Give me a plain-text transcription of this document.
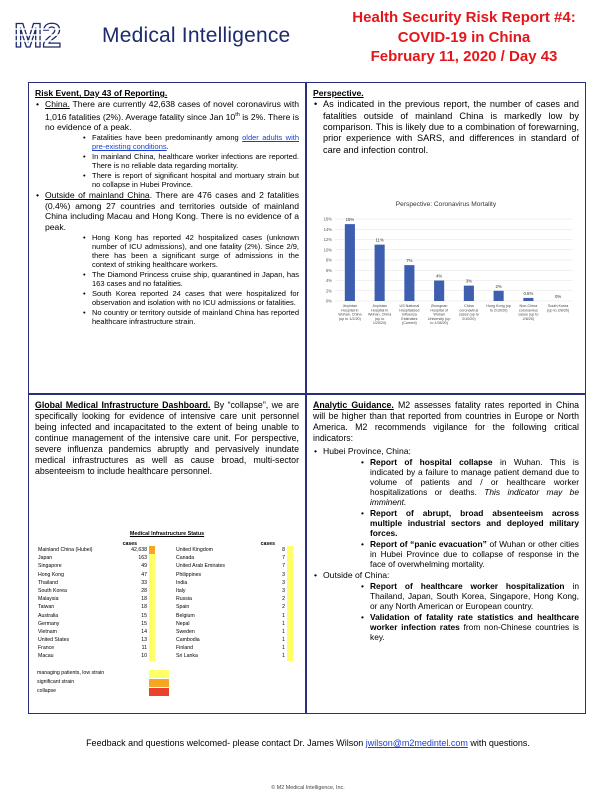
M2 Medical Intelligence
Health Security Risk Report #4:
COVID-19 in China
February 11, 2020 / Day 43
Risk Event, Day 43 of Reporting.
• China. There are currently 42,638 cases of novel coronavirus with 1,016 fatalities (2%). Average fatality since Jan 10th is 2%. There is no evidence of a peak.
• Fatalities have been predominantly among older adults with pre-existing conditions.
• In mainland China, healthcare worker infections are reported. There is no reliable data regarding mortality.
• There is report of significant hospital and mortuary strain but no collapse in Hubei Province.
• Outside of mainland China. There are 476 cases and 2 fatalities (0.4%) among 27 countries and territories outside of mainland China including Macau and Hong Kong. There is no evidence of a peak.
• Hong Kong has reported 42 hospitalized cases (unknown number of ICU admissions), and one fatality (2%). Since 2/9, there has been a significant surge of admissions in the context of striking healthcare workers.
• The Diamond Princess cruise ship, quarantined in Japan, has 163 cases and no fatalities.
• South Korea reported 24 cases that were hospitalized for observation and isolation with no ICU admissions or fatalities.
• No country or territory outside of mainland China has reported healthcare infrastructure strain.
Perspective.
• As indicated in the previous report, the number of cases and fatalities outside of mainland China is markedly low by comparison. This is likely due to a combination of forewarning, prior experience with SARS, and differences in standard of care and infection control.
Perspective: Coronavirus Mortality
0%
2%
4%
6%
8%
10%
12%
14%
16%	15%
Jinyintan Hospital in Wuhan, China (up to 1/2/20)
11%
Jinyintan Hospital in Wuhan, China (up to 1/20/20)
7%
US National Hospitalized Influenza Estimates (Current)
4%
Zhongnan Hospital of Wuhan University (up to 1/28/20)
3%
China coronavirus cases (up to 2/10/20)
2%
Hong Kong (up to 2/10/20)
0.6%
Non-China coronavirus cases (up to 2/8/20)
0%
South Korea (up to 2/8/20)
Global Medical Infrastructure Dashboard. By “collapse”, we are specifically looking for evidence of intensive care unit personnel being infected and incapacitated to the extent of being unable to continue management of the intensive care unit. For perspective, severe influenza pandemics abruptly and pervasively inundate medical infrastructures as well as cause broad, multi-sector absenteeism to include healthcare personnel.
Medical Infrastructure Status
cases
Mainland China (Hubei)	42,638
Japan	163
Singapore	49
Hong Kong	47
Thailand	33
South Korea	28
Malaysia	18
Taiwan	18
Australia	15
Germany	15
Vietnam	14
United States	13
France	11
Macau	10
cases
United Kingdom	8
Canada	7
United Arab Emirates	7
Philippines	3
India	3
Italy	3
Russia	2
Spain	2
Belgium	1
Nepal	1
Sweden	1
Cambodia	1
Finland	1
Sri Lanka	1
managing patients, low strain
significant strain
collapse
Analytic Guidance. M2 assesses fatality rates reported in China will be higher than that reported from countries in Europe or North America. M2 recommends vigilance for the following critical indicators:
• Hubei Province, China:
• Report of hospital collapse in Wuhan. This is indicated by a failure to manage patient demand due to volume of patients and / or healthcare worker hospitalizations or deaths. This indicator may be imminent.
• Report of abrupt, broad absenteeism across multiple industrial sectors and deployed military forces.
• Report of “panic evacuation” of Wuhan or other cities in Hubei Province due to collapse of response in the face of overwhelming mortality.
• Outside of China:
• Report of healthcare worker hospitalization in Thailand, Japan, South Korea, Singapore, Hong Kong, or any North American or European country.
• Validation of fatality rate statistics and healthcare worker infection rates from non-Chinese countries is key.
Feedback and questions welcomed- please contact Dr. James Wilson jwilson@m2medintel.com with questions.
© M2 Medical Intelligence, Inc.
